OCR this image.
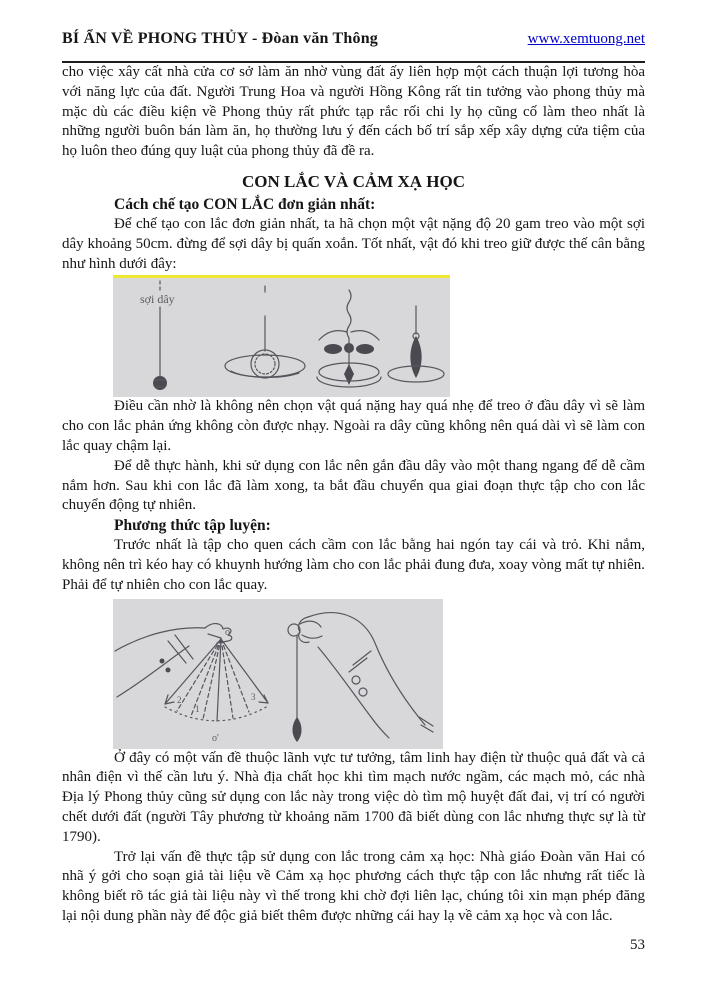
BÍ ẨN VỀ PHONG THỦY - Đòan văn Thông	www.xemtuong.net

cho việc xây cất nhà cửa cơ sở làm ăn nhờ vùng đất ấy liên hợp một cách thuận lợi tương hòa với năng lực của đất. Người Trung Hoa và người Hồng Kông rất tin tưởng vào phong thủy mà mặc dù các điều kiện về Phong thủy rất phức tạp rắc rối chi ly họ cũng cố làm theo nhất là những người buôn bán làm ăn, họ thường lưu ý đến cách bố trí sắp xếp xây dựng cửa tiệm của họ luôn theo đúng quy luật của phong thủy đã đề ra.

CON LẮC VÀ CẢM XẠ HỌC
Cách chế tạo CON LẮC đơn giản nhất:

Để chế tạo con lắc đơn giản nhất, ta hã chọn một vật nặng độ 20 gam treo vào một sợi dây khoảng 50cm. đừng để sợi dây bị quấn xoắn. Tốt nhất, vật đó khi treo giữ được thế cân bằng như hình dưới đây:

sợi dây

Điều cần nhờ là không nên chọn vật quá nặng hay quá nhẹ để treo ở đầu dây vì sẽ làm cho con lắc phản ứng không còn được nhạy. Ngoài ra dây cũng không nên quá dài vì sẽ làm con lắc quay chậm lại.

Để dễ thực hành, khi sử dụng con lắc nên gắn đầu dây vào một thang ngang để dễ cầm nắm hơn. Sau khi con lắc đã làm xong, ta bắt đầu chuyển qua giai đoạn thực tập cho con lắc chuyển động tự nhiên.

Phương thức tập luyện:

Trước nhất là tập cho quen cách cầm con lắc bằng hai ngón tay cái và trỏ. Khi nắm, không nên trì kéo hay có khuynh hướng làm cho con lắc phải đung đưa, xoay vòng mất tự nhiên. Phải để tự nhiên cho con lắc quay.

o
2
1
3
o'

Ở đây có một vấn đề thuộc lãnh vực tư tưởng, tâm linh hay điện từ thuộc quả đất và cả nhân điện vì thế cần lưu ý. Nhà địa chất học khi tìm mạch nước ngầm, các mạch mỏ, các nhà Địa lý Phong thủy cũng sử dụng con lắc này trong việc dò tìm mộ huyệt đất đai, vị trí có người chết dưới đất (người Tây phương từ khoảng năm 1700 đã biết dùng con lắc nhưng thực sự là từ 1790).

Trở lại vấn đề thực tập sử dụng con lắc trong cảm xạ học: Nhà giáo Đoàn văn Hai có nhã ý gởi cho soạn giả tài liệu về Cảm xạ học phương cách thực tập con lắc nhưng rất tiếc là không biết rõ tác giả tài liệu này vì thế trong khi chờ đợi liên lạc, chúng tôi xin mạn phép đăng lại nội dung phần này để độc giả biết thêm được những cái hay lạ về cảm xạ học và con lắc.

53
